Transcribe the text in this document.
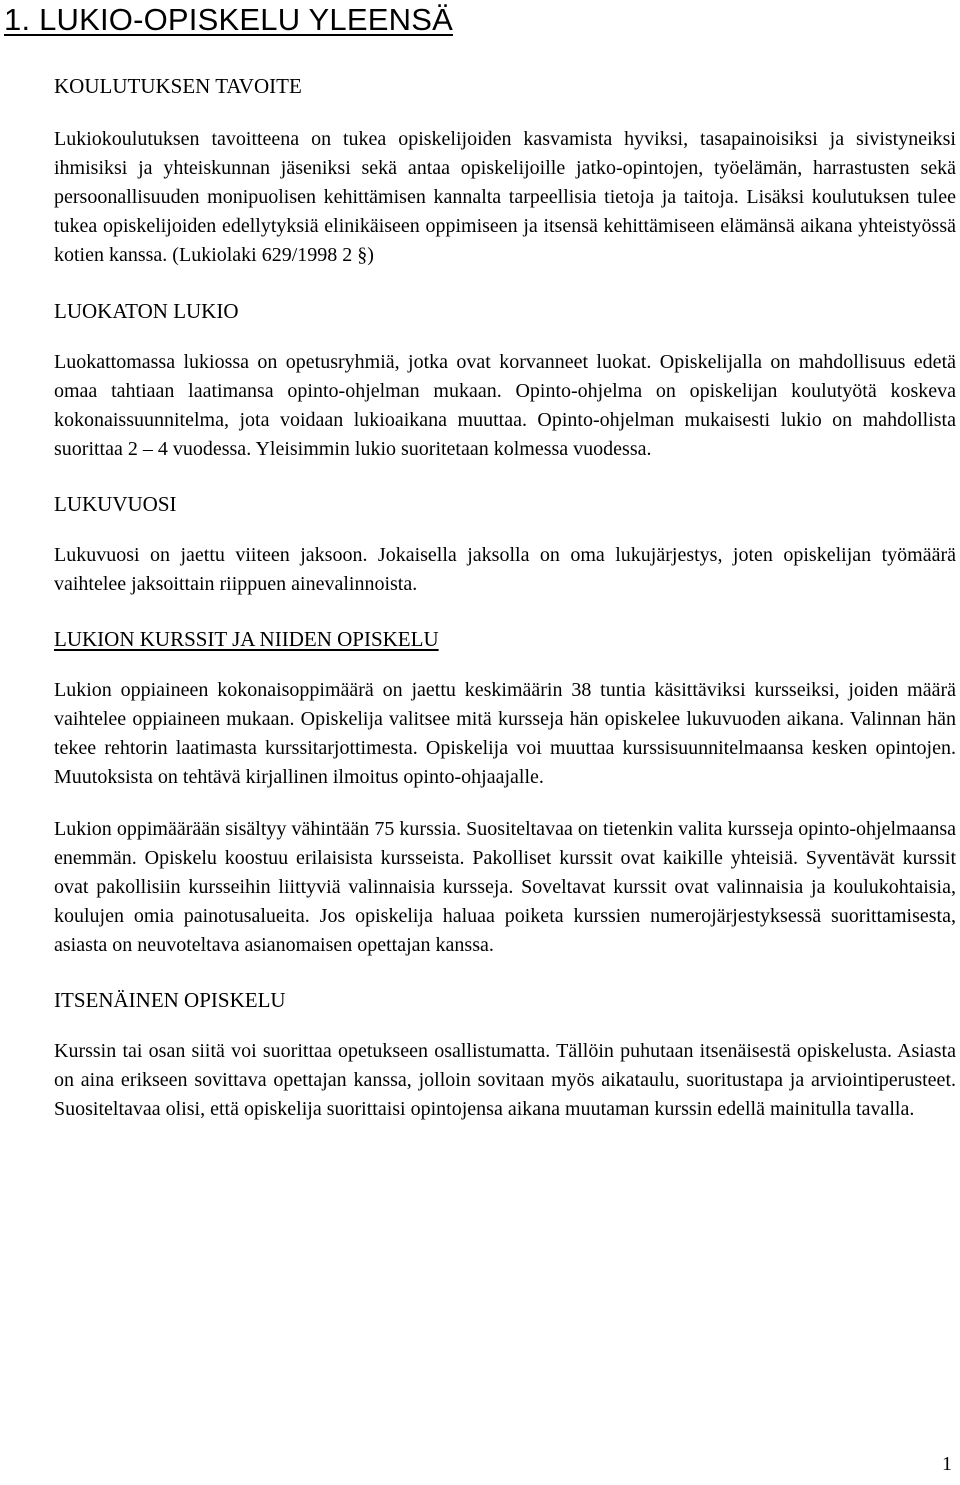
1. LUKIO-OPISKELU YLEENSÄ
KOULUTUKSEN TAVOITE

Lukiokoulutuksen tavoitteena on tukea opiskelijoiden kasvamista hyviksi, tasapainoisiksi ja sivistyneiksi ihmisiksi ja yhteiskunnan jäseniksi sekä antaa opiskelijoille jatko-opintojen, työelämän, harrastusten sekä persoonallisuuden monipuolisen kehittämisen kannalta tarpeellisia tietoja ja taitoja. Lisäksi koulutuksen tulee tukea opiskelijoiden edellytyksiä elinikäiseen oppimiseen ja itsensä kehittämiseen elämänsä aikana yhteistyössä kotien kanssa. (Lukiolaki 629/1998 2 §)

LUOKATON LUKIO

Luokattomassa lukiossa on opetusryhmiä, jotka ovat korvanneet luokat. Opiskelijalla on mahdollisuus edetä omaa tahtiaan laatimansa opinto-ohjelman mukaan. Opinto-ohjelma on opiskelijan koulutyötä koskeva kokonaissuunnitelma, jota voidaan lukioaikana muuttaa. Opinto-ohjelman mukaisesti lukio on mahdollista suorittaa 2 – 4 vuodessa. Yleisimmin lukio suoritetaan kolmessa vuodessa.

LUKUVUOSI

Lukuvuosi on jaettu viiteen jaksoon. Jokaisella jaksolla on oma lukujärjestys, joten opiskelijan työmäärä vaihtelee jaksoittain riippuen ainevalinnoista.

LUKION KURSSIT JA NIIDEN OPISKELU

Lukion oppiaineen kokonaisoppimäärä on jaettu keskimäärin 38 tuntia käsittäviksi kursseiksi, joiden määrä vaihtelee oppiaineen mukaan. Opiskelija valitsee mitä kursseja hän opiskelee lukuvuoden aikana. Valinnan hän tekee rehtorin laatimasta kurssitarjottimesta. Opiskelija voi muuttaa kurssisuunnitelmaansa kesken opintojen. Muutoksista on tehtävä kirjallinen ilmoitus opinto-ohjaajalle.

Lukion oppimäärään sisältyy vähintään 75 kurssia. Suositeltavaa on tietenkin valita kursseja opinto-ohjelmaansa enemmän. Opiskelu koostuu erilaisista kursseista. Pakolliset kurssit ovat kaikille yhteisiä. Syventävät kurssit ovat pakollisiin kursseihin liittyviä valinnaisia kursseja. Soveltavat kurssit ovat valinnaisia ja koulukohtaisia, koulujen omia painotusalueita. Jos opiskelija haluaa poiketa kurssien numerojärjestyksessä suorittamisesta, asiasta on neuvoteltava asianomaisen opettajan kanssa.

ITSENÄINEN OPISKELU

Kurssin tai osan siitä voi suorittaa opetukseen osallistumatta. Tällöin puhutaan itsenäisestä opiskelusta. Asiasta on aina erikseen sovittava opettajan kanssa, jolloin sovitaan myös aikataulu, suoritustapa ja arviointiperusteet. Suositeltavaa olisi, että opiskelija suorittaisi opintojensa aikana muutaman kurssin edellä mainitulla tavalla.

1
